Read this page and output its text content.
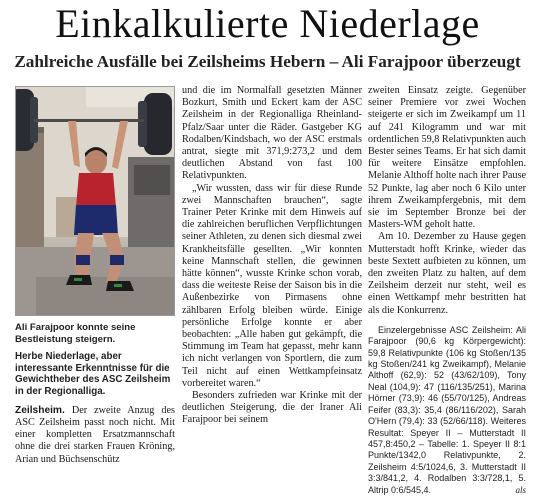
Einkalkulierte Niederlage
Zahlreiche Ausfälle bei Zeilsheims Hebern – Ali Farajpoor überzeugt
Ali Farajpoor konnte seine Bestleistung steigern.
Herbe Niederlage, aber interessante Erkenntnisse für die Gewichtheber des ASC Zeilsheim in der Regionalliga.

Zeilsheim. Der zweite Anzug des ASC Zeilsheim passt noch nicht. Mit einer kompletten Ersatzmannschaft ohne die drei starken Frauen Kröning, Arian und Büchsenschütz

und die im Normalfall gesetzten Männer Bozkurt, Smith und Eckert kam der ASC Zeilsheim in der Regionalliga Rheinland-Pfalz/Saar unter die Räder. Gastgeber KG Rodalben/Kindsbach, wo der ASC erstmals antrat, siegte mit 371,9:273,2 und dem deutlichen Abstand von fast 100 Relativpunkten.

„Wir wussten, dass wir für diese Runde zwei Mannschaften brauchen“, sagte Trainer Peter Krinke mit dem Hinweis auf die zahlreichen beruflichen Verpflichtungen seiner Athleten, zu denen sich diesmal zwei Krankheitsfälle gesellten. „Wir konnten keine Mannschaft stellen, die gewinnen hätte können“, wusste Krinke schon vorab, dass die weiteste Reise der Saison bis in die Außenbezirke von Pirmasens ohne zählbaren Erfolg bleiben würde. Einige persönliche Erfolge konnte er aber beobachten: „Alle haben gut gekämpft, die Stimmung im Team hat gepasst, mehr kann ich nicht verlangen von Sportlern, die zum Teil nicht auf einen Wettkampfeinsatz vorbereitet waren.“

Besonders zufrieden war Krinke mit der deutlichen Steigerung, die der Iraner Ali Farajpoor bei seinem

zweiten Einsatz zeigte. Gegenüber seiner Premiere vor zwei Wochen steigerte er sich im Zweikampf um 11 auf 241 Kilogramm und war mit ordentlichen 59,8 Relativpunkten auch Bester seines Teams. Er hat sich damit für weitere Einsätze empfohlen. Melanie Althoff holte nach ihrer Pause 52 Punkte, lag aber noch 6 Kilo unter ihrem Zweikampfergebnis, mit dem sie im September Bronze bei der Masters-WM geholt hatte.

Am 10. Dezember zu Hause gegen Mutterstadt hofft Krinke, wieder das beste Sextett aufbieten zu können, um den zweiten Platz zu halten, auf dem Zeilsheim derzeit nur steht, weil es einen Wettkampf mehr bestritten hat als die Konkurrenz.

Einzelergebnisse ASC Zeilsheim: Ali Farajpoor (90,6 kg Körpergewicht): 59,8 Relativpunkte (106 kg Stoßen/135 kg Stoßen/241 kg Zweikampf), Melanie Althoff (62,9): 52 (43/62/109), Tony Neal (104,9): 47 (116/135/251), Marina Hörner (73,9): 46 (55/70/125), Andreas Feifer (83,3): 35,4 (86/116/202), Sarah O'Hern (79,4): 33 (52/66/118). Weiteres Resultat: Speyer II – Mutterstadt II 457,8:450,2 – Tabelle: 1. Speyer II 8:1 Punkte/1342,0 Relativpunkte, 2. Zeilsheim 4:5/1024,6, 3. Mutterstadt II 3:3/841,2, 4. Rodalben 3:3/728,1, 5. Altrip 0:6/545,4.	als
